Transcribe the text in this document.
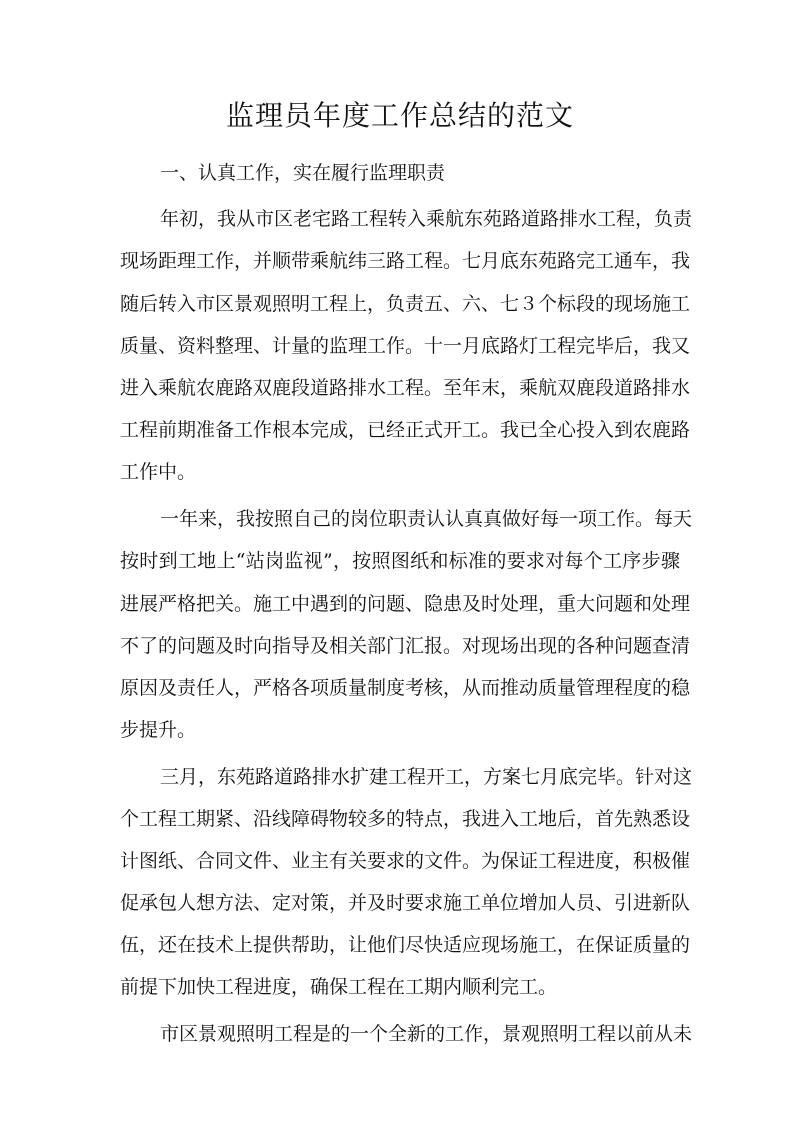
监理员年度工作总结的范文
一、认真工作，实在履行监理职责
年初，我从市区老宅路工程转入乘航东苑路道路排水工程，负责
现场距理工作，并顺带乘航纬三路工程。七月底东苑路完工通车，我
随后转入市区景观照明工程上，负责五、六、七３个标段的现场施工
质量、资料整理、计量的监理工作。十一月底路灯工程完毕后，我又
进入乘航农鹿路双鹿段道路排水工程。至年末，乘航双鹿段道路排水
工程前期准备工作根本完成，已经正式开工。我已全心投入到农鹿路
工作中。
一年来，我按照自己的岗位职责认认真真做好每一项工作。每天
按时到工地上“站岗监视”，按照图纸和标准的要求对每个工序步骤
进展严格把关。施工中遇到的问题、隐患及时处理，重大问题和处理
不了的问题及时向指导及相关部门汇报。对现场出现的各种问题查清
原因及责任人，严格各项质量制度考核，从而推动质量管理程度的稳
步提升。
三月，东苑路道路排水扩建工程开工，方案七月底完毕。针对这
个工程工期紧、沿线障碍物较多的特点，我进入工地后，首先熟悉设
计图纸、合同文件、业主有关要求的文件。为保证工程进度，积极催
促承包人想方法、定对策，并及时要求施工单位增加人员、引进新队
伍，还在技术上提供帮助，让他们尽快适应现场施工，在保证质量的
前提下加快工程进度，确保工程在工期内顺利完工。
市区景观照明工程是的一个全新的工作，景观照明工程以前从未
